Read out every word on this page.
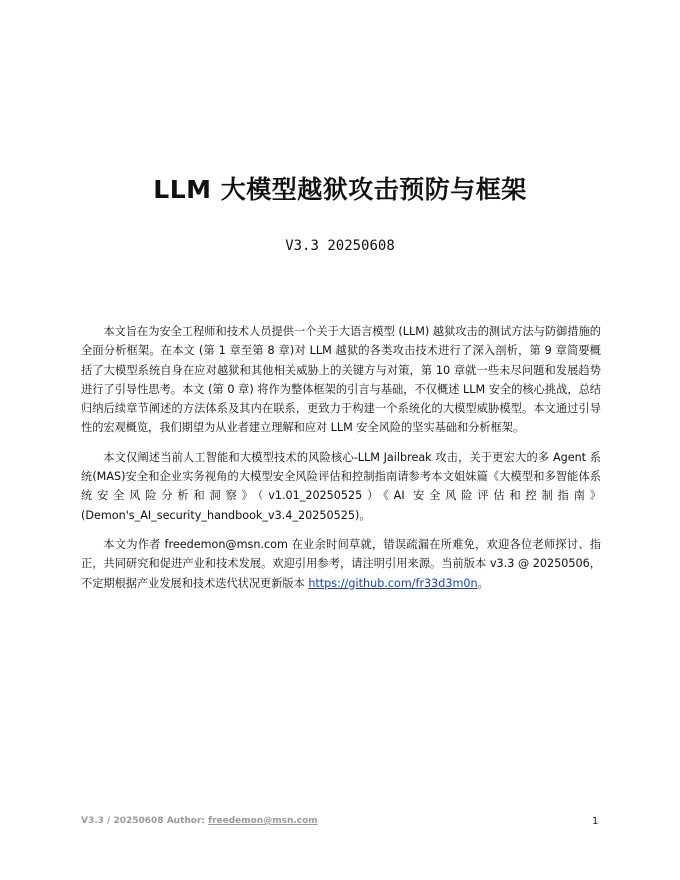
LLM 大模型越狱攻击预防与框架

V3.3 20250608

本文旨在为安全工程师和技术人员提供一个关于大语言模型 (LLM) 越狱攻击的测试方法与防御措施的全面分析框架。在本文 (第 1 章至第 8 章)对 LLM 越狱的各类攻击技术进行了深入剖析，第 9 章简要概括了大模型系统自身在应对越狱和其他相关威胁上的关键方与对策，第 10 章就一些未尽问题和发展趋势进行了引导性思考。本文 (第 0 章) 将作为整体框架的引言与基础，不仅概述 LLM 安全的核心挑战，总结归纳后续章节阐述的方法体系及其内在联系，更致力于构建一个系统化的大模型威胁模型。本文通过引导性的宏观概览，我们期望为从业者建立理解和应对 LLM 安全风险的坚实基础和分析框架。

本文仅阐述当前人工智能和大模型技术的风险核心-LLM Jailbreak 攻击，关于更宏大的多 Agent 系统(MAS)安全和企业实务视角的大模型安全风险评估和控制指南请参考本文姐妹篇《大模型和多智能体系统安全风险分析和洞察》（v1.01_20250525）《AI 安全风险评估和控制指南》(Demon's_AI_security_handbook_v3.4_20250525)。

本文为作者 freedemon@msn.com 在业余时间草就，错误疏漏在所难免，欢迎各位老师探讨、指正，共同研究和促进产业和技术发展。欢迎引用参考，请注明引用来源。当前版本 v3.3 @ 20250506，不定期根据产业发展和技术迭代状况更新版本 https://github.com/fr33d3m0n。

V3.3 / 20250608 Author: freedemon@msn.com	1
